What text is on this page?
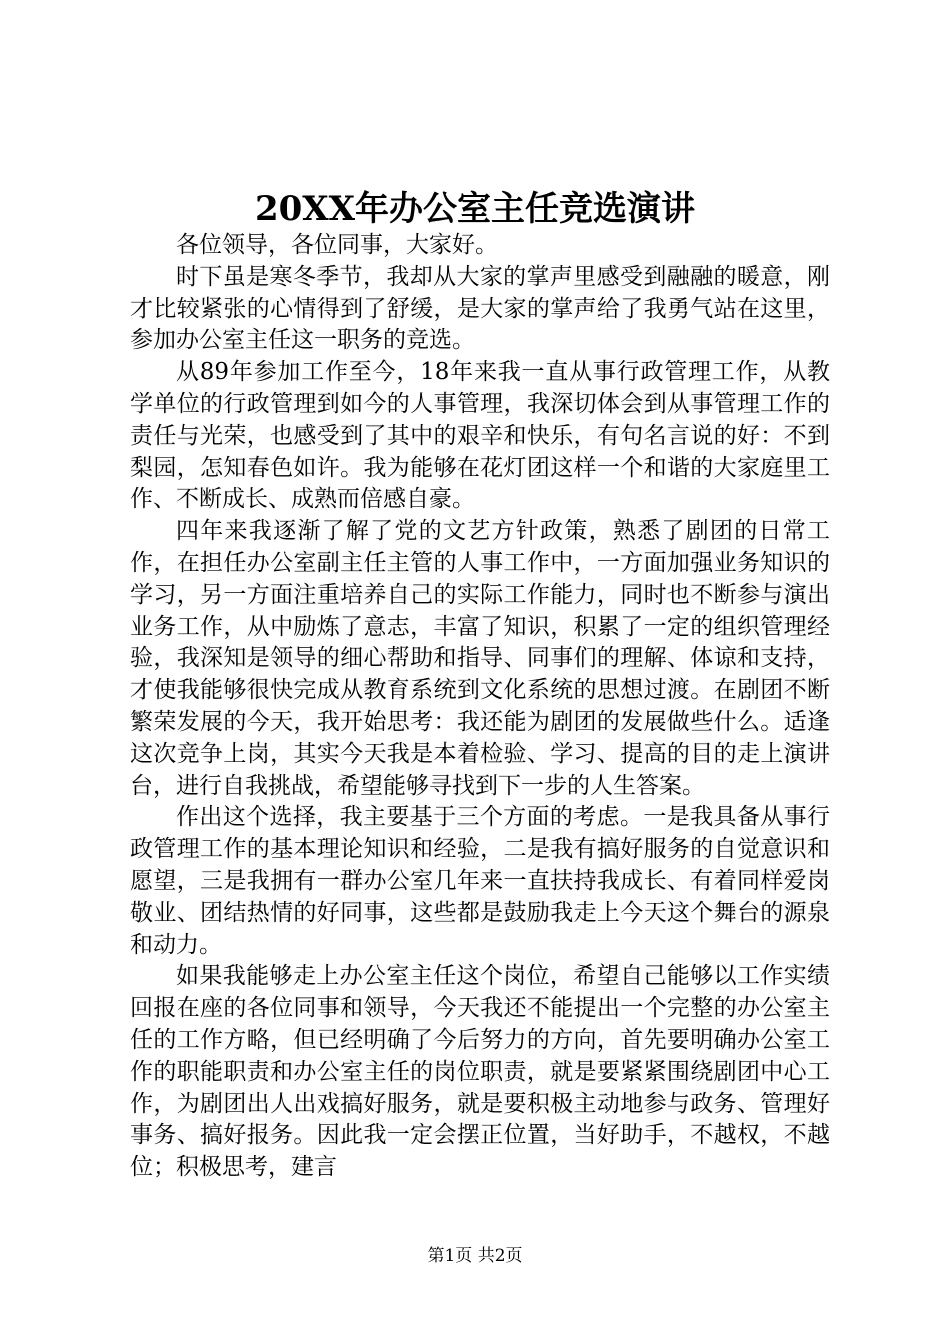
20XX年办公室主任竞选演讲

各位领导，各位同事，大家好。

时下虽是寒冬季节，我却从大家的掌声里感受到融融的暖意，刚才比较紧张的心情得到了舒缓，是大家的掌声给了我勇气站在这里，参加办公室主任这一职务的竞选。

从89年参加工作至今，18年来我一直从事行政管理工作，从教学单位的行政管理到如今的人事管理，我深切体会到从事管理工作的责任与光荣，也感受到了其中的艰辛和快乐，有句名言说的好：不到梨园，怎知春色如许。我为能够在花灯团这样一个和谐的大家庭里工作、不断成长、成熟而倍感自豪。

四年来我逐渐了解了党的文艺方针政策，熟悉了剧团的日常工作，在担任办公室副主任主管的人事工作中，一方面加强业务知识的学习，另一方面注重培养自己的实际工作能力，同时也不断参与演出业务工作，从中励炼了意志，丰富了知识，积累了一定的组织管理经验，我深知是领导的细心帮助和指导、同事们的理解、体谅和支持，才使我能够很快完成从教育系统到文化系统的思想过渡。在剧团不断繁荣发展的今天，我开始思考：我还能为剧团的发展做些什么。适逢这次竞争上岗，其实今天我是本着检验、学习、提高的目的走上演讲台，进行自我挑战，希望能够寻找到下一步的人生答案。

作出这个选择，我主要基于三个方面的考虑。一是我具备从事行政管理工作的基本理论知识和经验，二是我有搞好服务的自觉意识和愿望，三是我拥有一群办公室几年来一直扶持我成长、有着同样爱岗敬业、团结热情的好同事，这些都是鼓励我走上今天这个舞台的源泉和动力。

如果我能够走上办公室主任这个岗位，希望自己能够以工作实绩回报在座的各位同事和领导，今天我还不能提出一个完整的办公室主任的工作方略，但已经明确了今后努力的方向，首先要明确办公室工作的职能职责和办公室主任的岗位职责，就是要紧紧围绕剧团中心工作，为剧团出人出戏搞好服务，就是要积极主动地参与政务、管理好事务、搞好报务。因此我一定会摆正位置，当好助手，不越权，不越位；积极思考，建言

第1页 共2页
